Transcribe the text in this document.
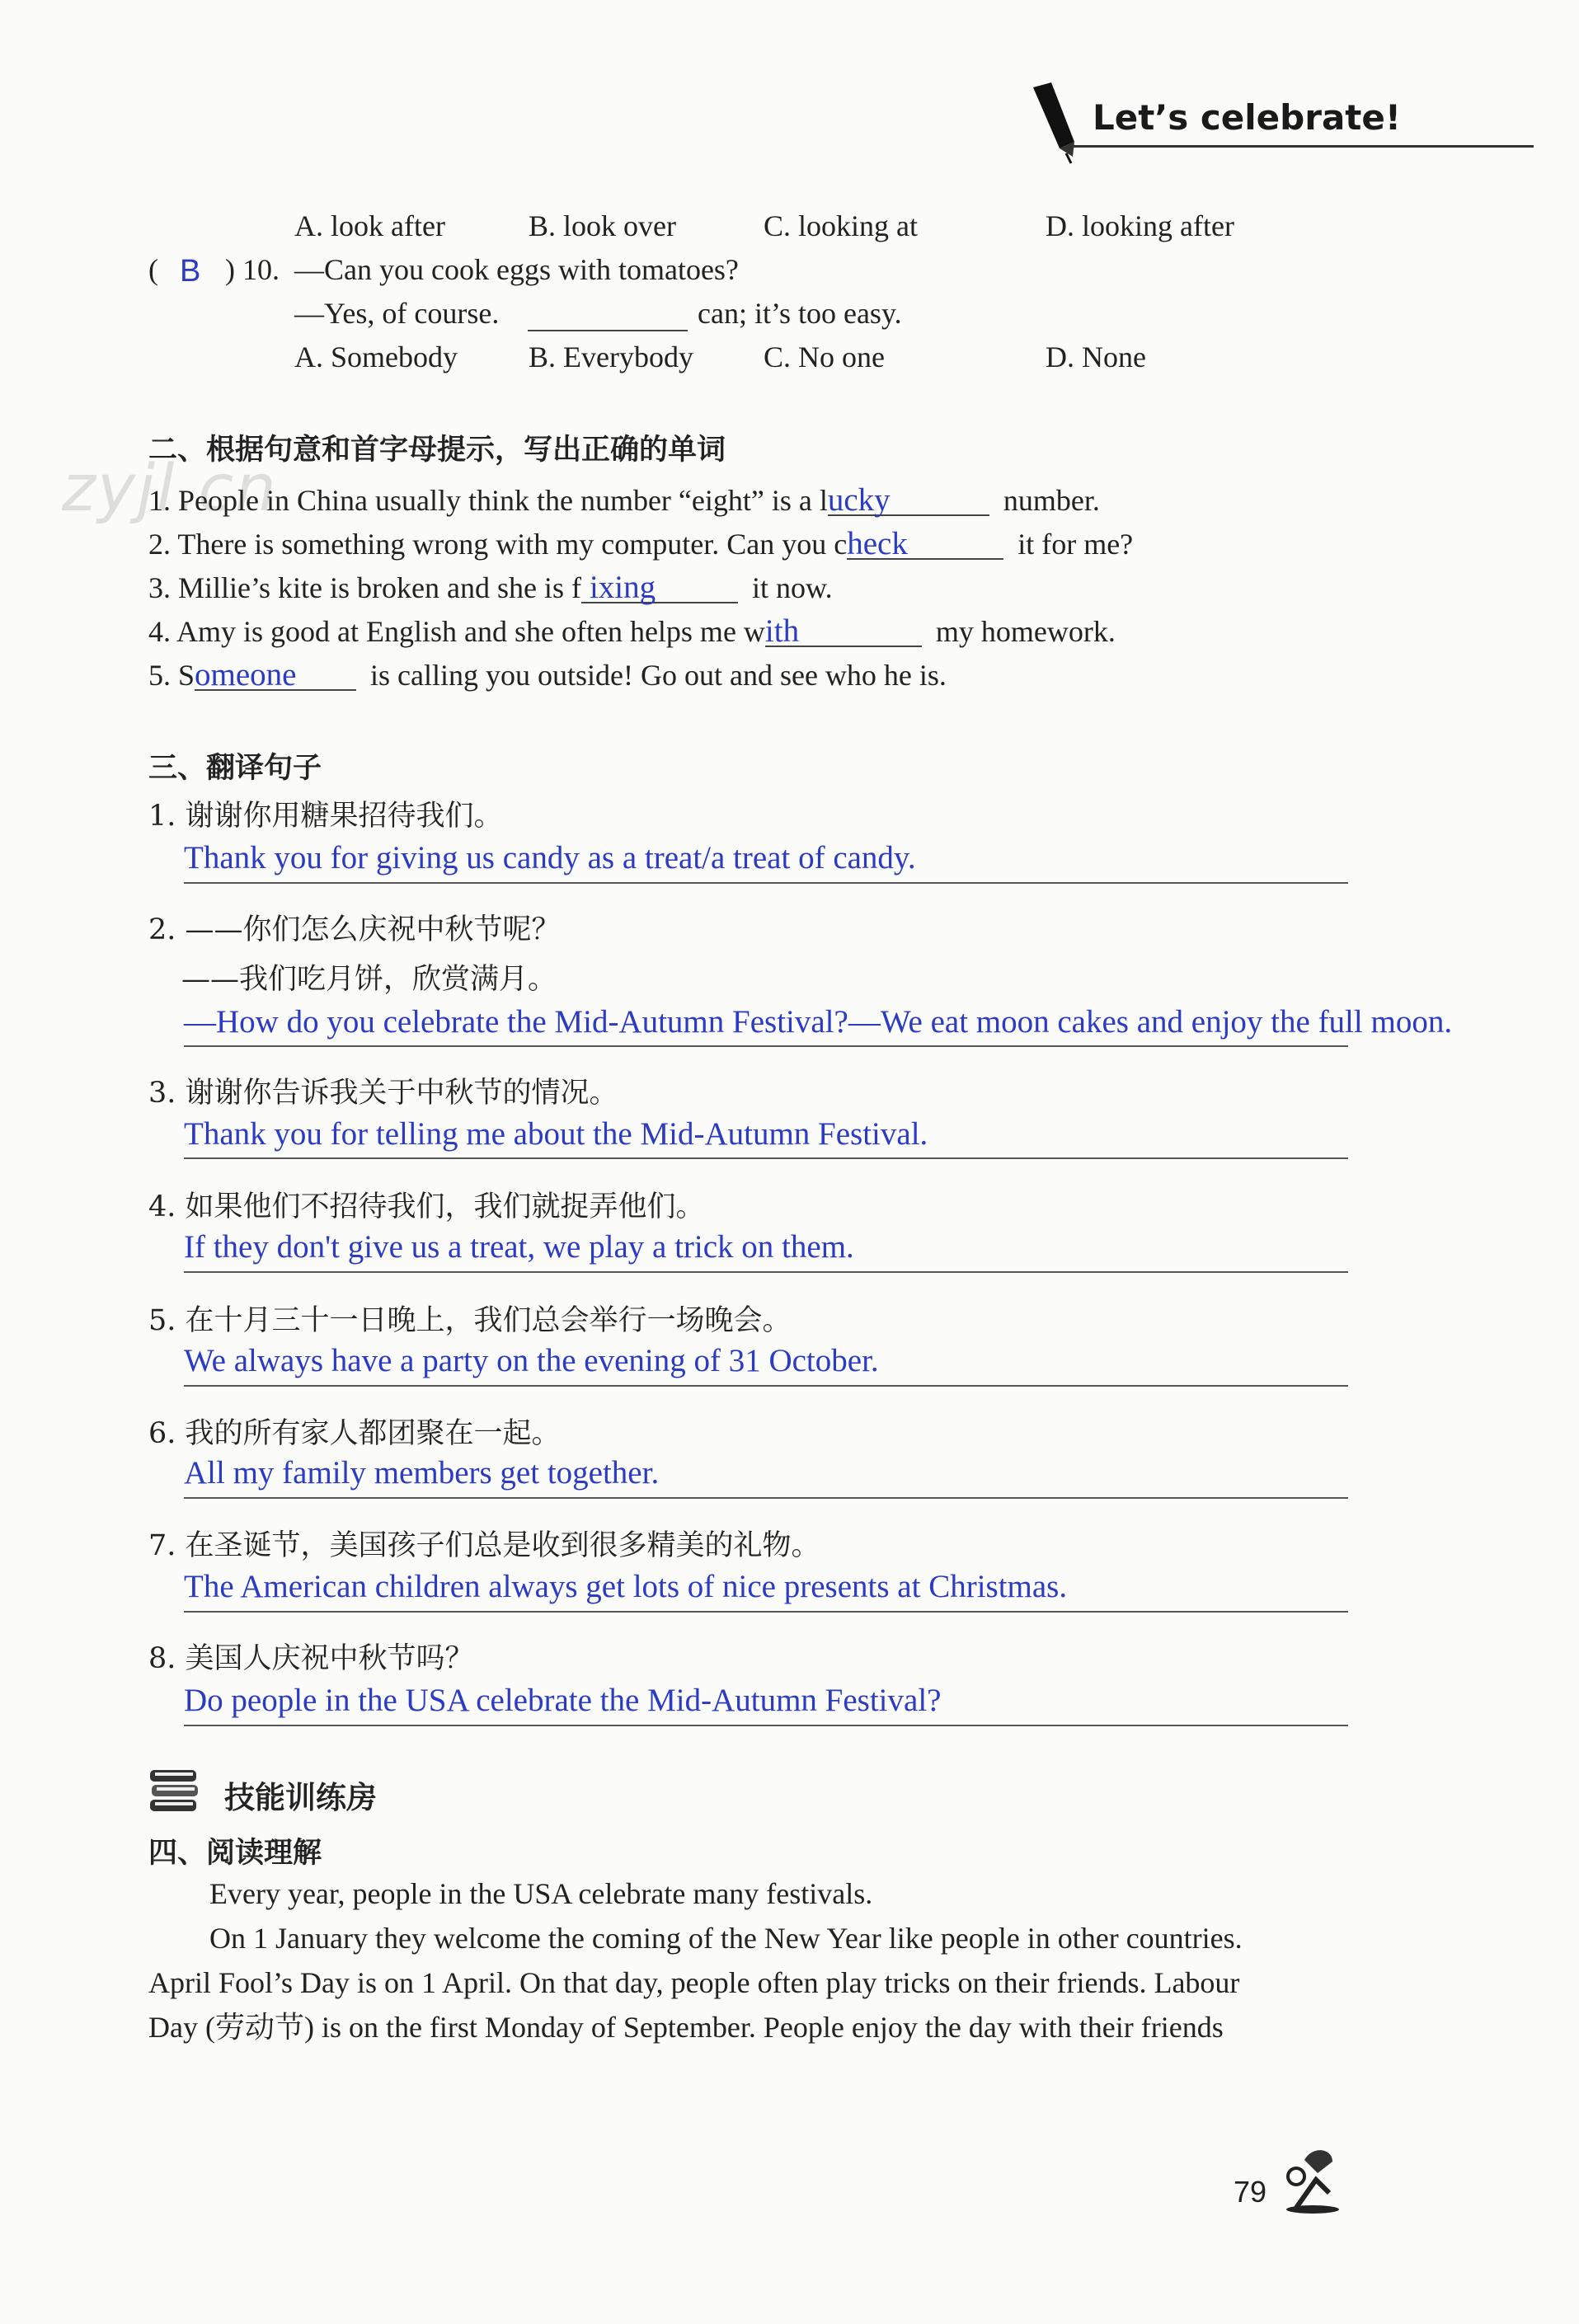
Let’s celebrate!
A. look after	B. look over	C. looking at	D. looking after
( B ) 10. —Can you cook eggs with tomatoes?
—Yes, of course.	can; it’s too easy.
A. Somebody B. Everybody C. No one	D. None
二、根据句意和首字母提示，写出正确的单词
zyjl.cn
1. People in China usually think the number “eight” is a lucky	number.
2. There is something wrong with my computer. Can you check	it for me?
3. Millie’s kite is broken and she is f ixing	it now.
4. Amy is good at English and she often helps me with	my homework.
5. Someone is calling you outside! Go out and see who he is.
三、翻译句子
1. 谢谢你用糖果招待我们。
Thank you for giving us candy as a treat/a treat of candy.
2. ——你们怎么庆祝中秋节呢？
——我们吃月饼，欣赏满月。
—How do you celebrate the Mid-Autumn Festival?—We eat moon cakes and enjoy the full moon.
3. 谢谢你告诉我关于中秋节的情况。
Thank you for telling me about the Mid-Autumn Festival.
4. 如果他们不招待我们，我们就捉弄他们。
If they don't give us a treat, we play a trick on them.
5. 在十月三十一日晚上，我们总会举行一场晚会。
We always have a party on the evening of 31 October.
6. 我的所有家人都团聚在一起。
All my family members get together.
7. 在圣诞节，美国孩子们总是收到很多精美的礼物。
The American children always get lots of nice presents at Christmas.
8. 美国人庆祝中秋节吗？
Do people in the USA celebrate the Mid-Autumn Festival?
技能训练房
四、阅读理解
Every year, people in the USA celebrate many festivals.
On 1 January they welcome the coming of the New Year like people in other countries.
April Fool’s Day is on 1 April. On that day, people often play tricks on their friends. Labour
Day (劳动节) is on the first Monday of September. People enjoy the day with their friends
79
